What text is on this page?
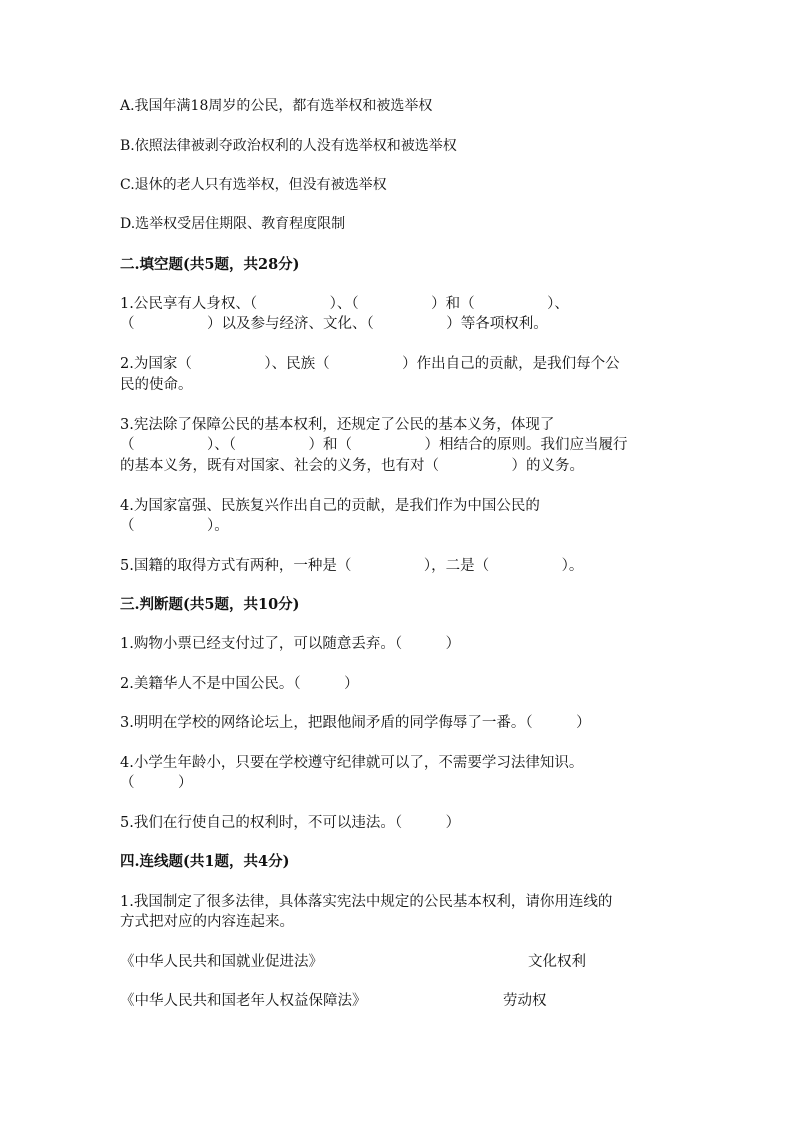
A.我国年满18周岁的公民，都有选举权和被选举权
B.依照法律被剥夺政治权利的人没有选举权和被选举权
C.退休的老人只有选举权，但没有被选举权
D.选举权受居住期限、教育程度限制
二.填空题(共5题，共28分)
1.公民享有人身权、（　　　　　）、（　　　　　）和（　　　　　）、
（　　　　　）以及参与经济、文化、（　　　　　）等各项权利。
2.为国家（　　　　　）、民族（　　　　　）作出自己的贡献，是我们每个公
民的使命。
3.宪法除了保障公民的基本权利，还规定了公民的基本义务，体现了
（　　　　　）、（　　　　　）和（　　　　　）相结合的原则。我们应当履行
的基本义务，既有对国家、社会的义务，也有对（　　　　　）的义务。
4.为国家富强、民族复兴作出自己的贡献，是我们作为中国公民的
（　　　　　）。
5.国籍的取得方式有两种，一种是（　　　　　），二是（　　　　　）。
三.判断题(共5题，共10分)
1.购物小票已经支付过了，可以随意丢弃。（　　　）
2.美籍华人不是中国公民。（　　　）
3.明明在学校的网络论坛上，把跟他闹矛盾的同学侮辱了一番。（　　　）
4.小学生年龄小，只要在学校遵守纪律就可以了，不需要学习法律知识。
（　　　）
5.我们在行使自己的权利时，不可以违法。（　　　）
四.连线题(共1题，共4分)
1.我国制定了很多法律，具体落实宪法中规定的公民基本权利，请你用连线的
方式把对应的内容连起来。
《中华人民共和国就业促进法》	文化权利
《中华人民共和国老年人权益保障法》	劳动权
